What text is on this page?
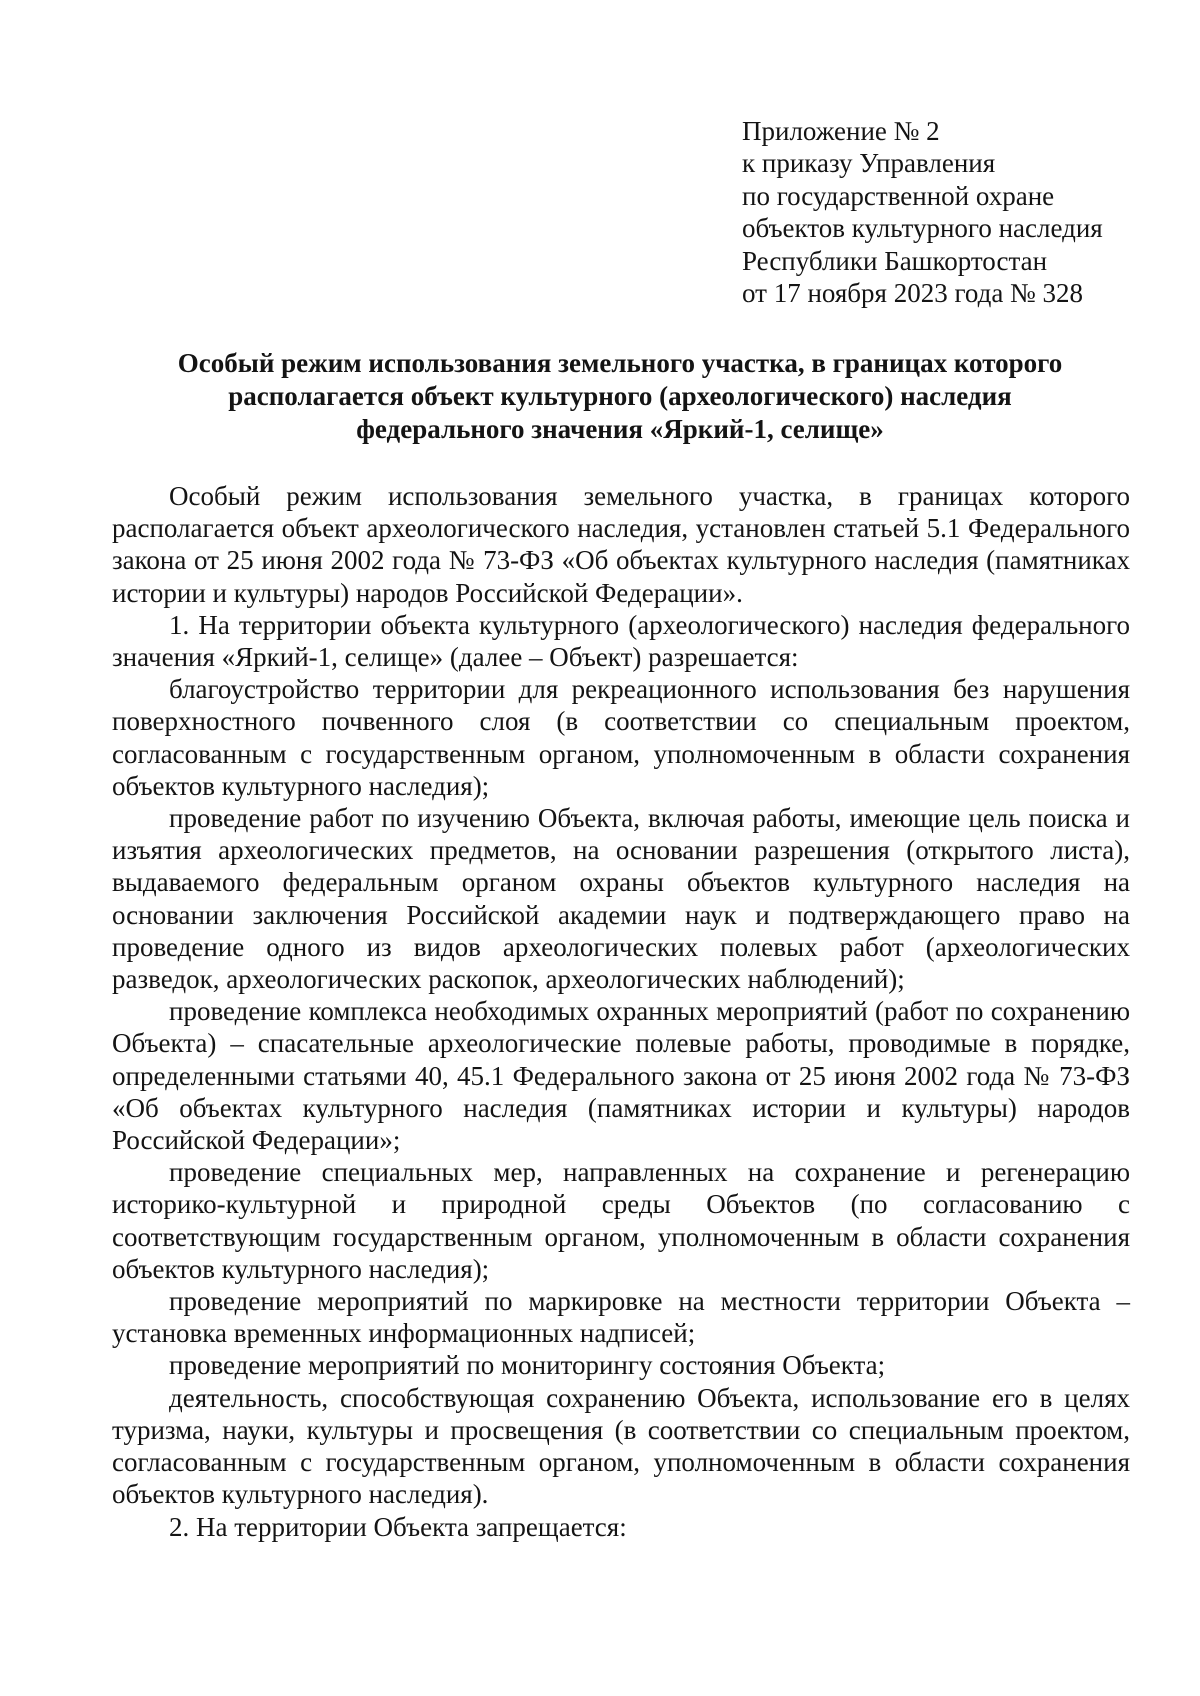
Приложение № 2
к приказу Управления
по государственной охране
объектов культурного наследия
Республики Башкортостан
от 17 ноября 2023 года № 328
Особый режим использования земельного участка, в границах которого
располагается объект культурного (археологического) наследия
федерального значения «Яркий-1, селище»

Особый режим использования земельного участка, в границах которого располагается объект археологического наследия, установлен статьей 5.1 Федерального закона от 25 июня 2002 года № 73-ФЗ «Об объектах культурного наследия (памятниках истории и культуры) народов Российской Федерации».

1. На территории объекта культурного (археологического) наследия федерального значения «Яркий-1, селище» (далее – Объект) разрешается:

благоустройство территории для рекреационного использования без нарушения поверхностного почвенного слоя (в соответствии со специальным проектом, согласованным с государственным органом, уполномоченным в области сохранения объектов культурного наследия);

проведение работ по изучению Объекта, включая работы, имеющие цель поиска и изъятия археологических предметов, на основании разрешения (открытого листа), выдаваемого федеральным органом охраны объектов культурного наследия на основании заключения Российской академии наук и подтверждающего право на проведение одного из видов археологических полевых работ (археологических разведок, археологических раскопок, археологических наблюдений);

проведение комплекса необходимых охранных мероприятий (работ по сохранению Объекта) – спасательные археологические полевые работы, проводимые в порядке, определенными статьями 40, 45.1 Федерального закона от 25 июня 2002 года № 73-ФЗ «Об объектах культурного наследия (памятниках истории и культуры) народов Российской Федерации»;

проведение специальных мер, направленных на сохранение и регенерацию историко-культурной и природной среды Объектов (по согласованию с соответствующим государственным органом, уполномоченным в области сохранения объектов культурного наследия);

проведение мероприятий по маркировке на местности территории Объекта – установка временных информационных надписей;

проведение мероприятий по мониторингу состояния Объекта;

деятельность, способствующая сохранению Объекта, использование его в целях туризма, науки, культуры и просвещения (в соответствии со специальным проектом, согласованным с государственным органом, уполномоченным в области сохранения объектов культурного наследия).

2. На территории Объекта запрещается:
